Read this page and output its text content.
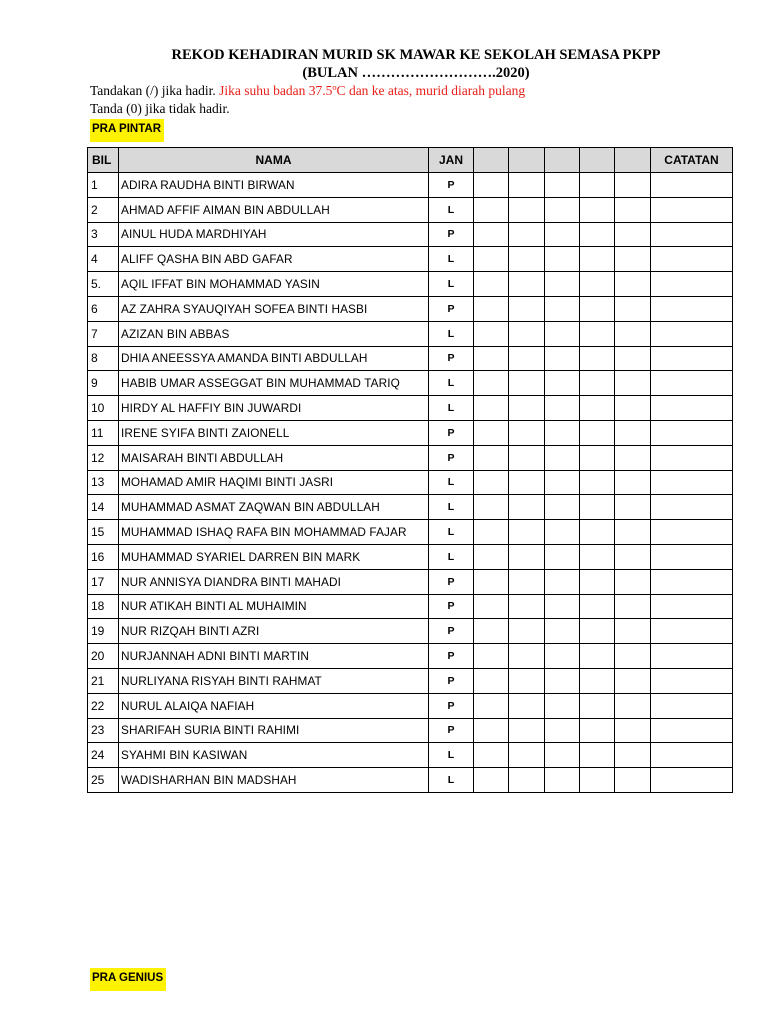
REKOD KEHADIRAN MURID SK MAWAR KE SEKOLAH SEMASA PKPP
(BULAN ……………………….2020)
Tandakan (/) jika hadir. Jika suhu badan 37.5ºC dan ke atas, murid diarah pulang
Tanda (0) jika tidak hadir.
PRA PINTAR
BIL	NAMA	JAN						CATATAN
1	ADIRA RAUDHA BINTI BIRWAN	P						
2	AHMAD AFFIF AIMAN BIN ABDULLAH	L						
3	AINUL HUDA MARDHIYAH	P						
4	ALIFF QASHA BIN ABD GAFAR	L						
5.	AQIL IFFAT BIN MOHAMMAD YASIN	L						
6	AZ ZAHRA SYAUQIYAH SOFEA BINTI HASBI	P						
7	AZIZAN BIN ABBAS	L						
8	DHIA ANEESSYA AMANDA BINTI ABDULLAH	P						
9	HABIB UMAR ASSEGGAT BIN MUHAMMAD TARIQ	L						
10	HIRDY AL HAFFIY BIN JUWARDI	L						
11	IRENE SYIFA BINTI ZAIONELL	P						
12	MAISARAH BINTI ABDULLAH	P						
13	MOHAMAD AMIR HAQIMI BINTI JASRI	L						
14	MUHAMMAD ASMAT ZAQWAN BIN ABDULLAH	L						
15	MUHAMMAD ISHAQ RAFA BIN MOHAMMAD FAJAR	L						
16	MUHAMMAD SYARIEL DARREN BIN MARK	L						
17	NUR ANNISYA DIANDRA BINTI MAHADI	P						
18	NUR ATIKAH BINTI AL MUHAIMIN	P						
19	NUR RIZQAH BINTI AZRI	P						
20	NURJANNAH ADNI BINTI MARTIN	P						
21	NURLIYANA RISYAH BINTI RAHMAT	P						
22	NURUL ALAIQA NAFIAH	P						
23	SHARIFAH SURIA BINTI RAHIMI	P						
24	SYAHMI BIN KASIWAN	L						
25	WADISHARHAN BIN MADSHAH	L						
PRA GENIUS
